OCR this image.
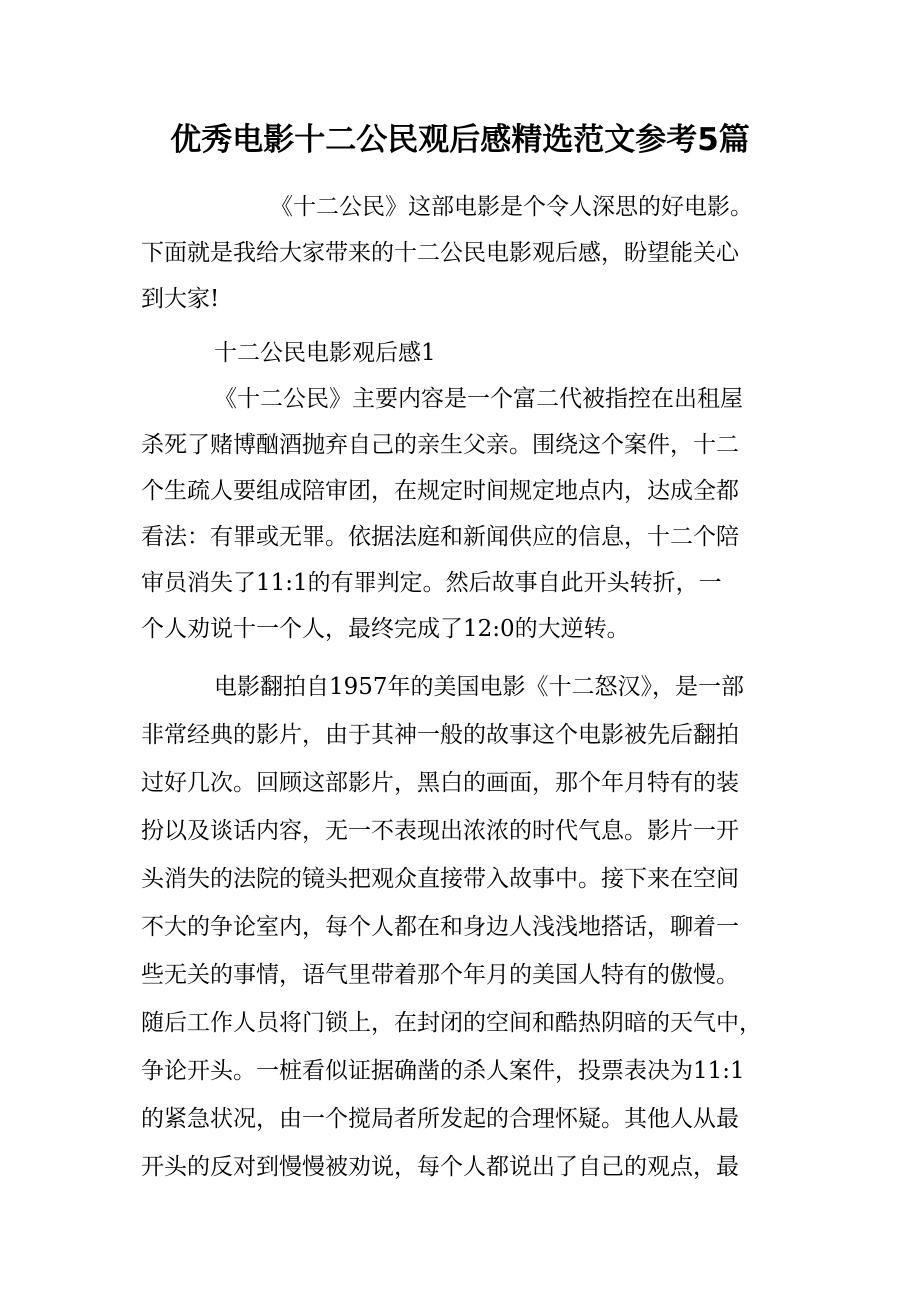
优秀电影十二公民观后感精选范文参考5篇
《十二公民》这部电影是个令人深思的好电影。
下面就是我给大家带来的十二公民电影观后感，盼望能关心
到大家!
十二公民电影观后感1
《十二公民》主要内容是一个富二代被指控在出租屋
杀死了赌博酗酒抛弃自己的亲生父亲。围绕这个案件，十二
个生疏人要组成陪审团，在规定时间规定地点内，达成全都
看法：有罪或无罪。依据法庭和新闻供应的信息，十二个陪
审员消失了11:1的有罪判定。然后故事自此开头转折，一
个人劝说十一个人，最终完成了12:0的大逆转。
电影翻拍自1957年的美国电影《十二怒汉》，是一部
非常经典的影片，由于其神一般的故事这个电影被先后翻拍
过好几次。回顾这部影片，黑白的画面，那个年月特有的装
扮以及谈话内容，无一不表现出浓浓的时代气息。影片一开
头消失的法院的镜头把观众直接带入故事中。接下来在空间
不大的争论室内，每个人都在和身边人浅浅地搭话，聊着一
些无关的事情，语气里带着那个年月的美国人特有的傲慢。
随后工作人员将门锁上，在封闭的空间和酷热阴暗的天气中，
争论开头。一桩看似证据确凿的杀人案件，投票表决为11:1
的紧急状况，由一个搅局者所发起的合理怀疑。其他人从最
开头的反对到慢慢被劝说，每个人都说出了自己的观点，最
